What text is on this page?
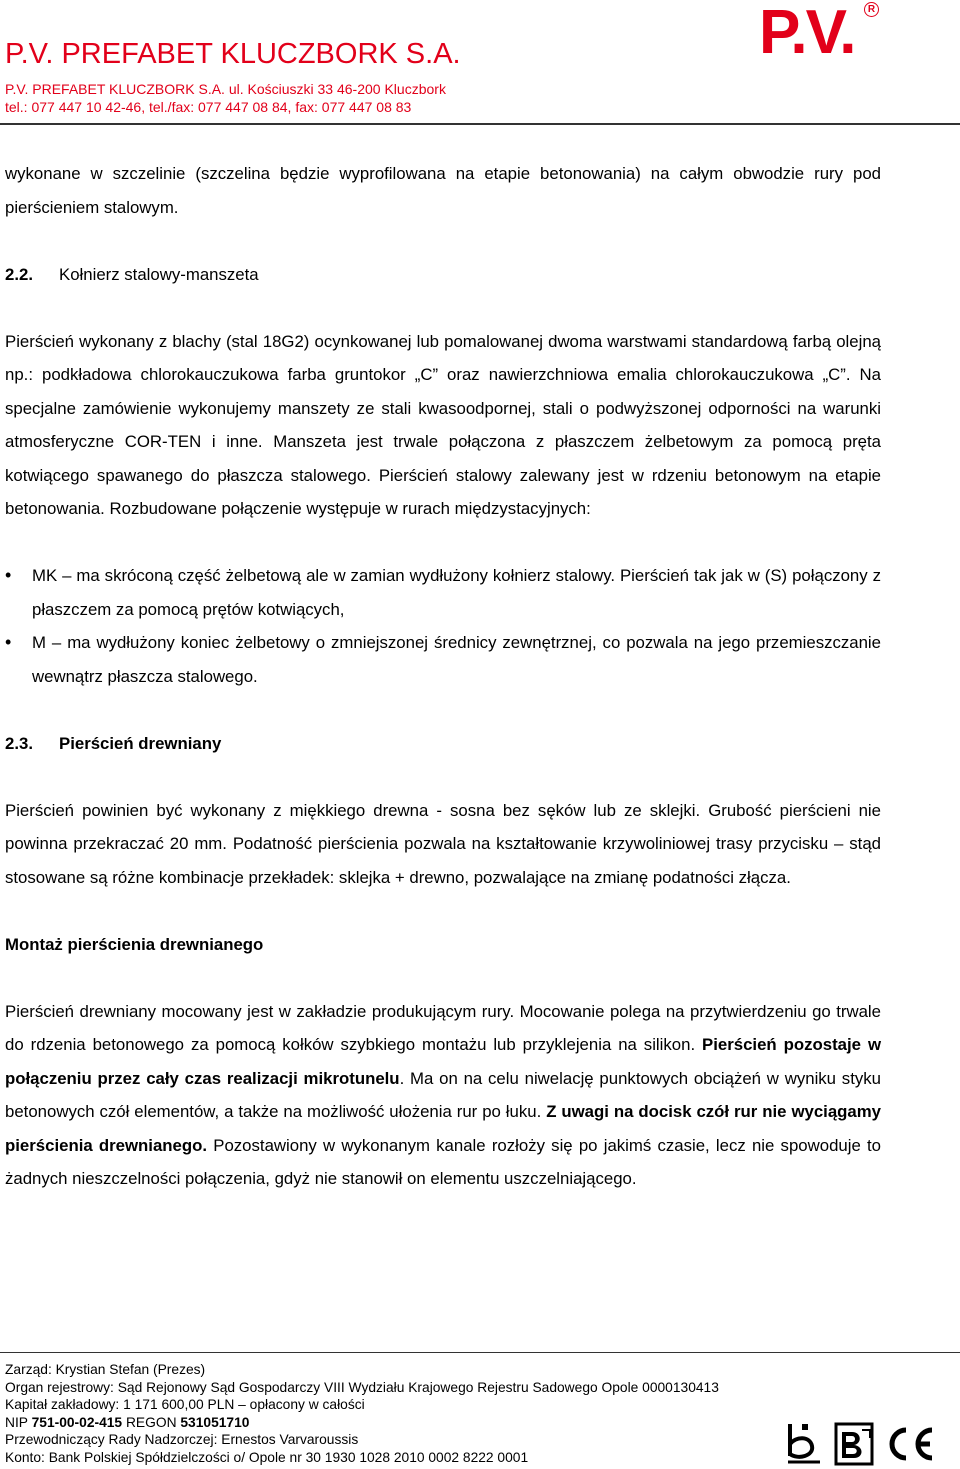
P.V. PREFABET KLUCZBORK S.A.
P.V. PREFABET KLUCZBORK S.A. ul. Kościuszki 33 46-200 Kluczbork
tel.: 077 447 10 42-46, tel./fax: 077 447 08 84, fax: 077 447 08 83
P.V.	R

wykonane w szczelinie (szczelina będzie wyprofilowana na etapie betonowania) na całym obwodzie rury pod pierścieniem stalowym.

2.2. Kołnierz stalowy-manszeta

Pierścień wykonany z blachy (stal 18G2) ocynkowanej lub pomalowanej dwoma warstwami standardową farbą olejną np.: podkładowa chlorokauczukowa farba gruntokor „C” oraz nawierzchniowa emalia chlorokauczukowa „C”. Na specjalne zamówienie wykonujemy manszety ze stali kwasoodpornej, stali o podwyższonej odporności na warunki atmosferyczne COR-TEN i inne. Manszeta jest trwale połączona z płaszczem żelbetowym za pomocą pręta kotwiącego spawanego do płaszcza stalowego. Pierścień stalowy zalewany jest w rdzeniu betonowym na etapie betonowania. Rozbudowane połączenie występuje w rurach międzystacyjnych:

• MK – ma skróconą część żelbetową ale w zamian wydłużony kołnierz stalowy. Pierścień tak jak w (S) połączony z płaszczem za pomocą prętów kotwiących,
• M – ma wydłużony koniec żelbetowy o zmniejszonej średnicy zewnętrznej, co pozwala na jego przemieszczanie wewnątrz płaszcza stalowego.

2.3. Pierścień drewniany

Pierścień powinien być wykonany z miękkiego drewna - sosna bez sęków lub ze sklejki. Grubość pierścieni nie powinna przekraczać 20 mm. Podatność pierścienia pozwala na kształtowanie krzywoliniowej trasy przycisku – stąd stosowane są różne kombinacje przekładek: sklejka + drewno, pozwalające na zmianę podatności złącza.

Montaż pierścienia drewnianego

Pierścień drewniany mocowany jest w zakładzie produkującym rury. Mocowanie polega na przytwierdzeniu go trwale do rdzenia betonowego za pomocą kołków szybkiego montażu lub przyklejenia na silikon. Pierścień pozostaje w połączeniu przez cały czas realizacji mikrotunelu. Ma on na celu niwelację punktowych obciążeń w wyniku styku betonowych czół elementów, a także na możliwość ułożenia rur po łuku. Z uwagi na docisk czół rur nie wyciągamy pierścienia drewnianego. Pozostawiony w wykonanym kanale rozłoży się po jakimś czasie, lecz nie spowoduje to żadnych nieszczelności połączenia, gdyż nie stanowił on elementu uszczelniającego.

Zarząd: Krystian Stefan (Prezes)
Organ rejestrowy: Sąd Rejonowy Sąd Gospodarczy VIII Wydziału Krajowego Rejestru Sadowego Opole 0000130413
Kapitał zakładowy: 1 171 600,00 PLN – opłacony w całości
NIP 751-00-02-415 REGON 531051710
Przewodniczący Rady Nadzorczej: Ernestos Varvaroussis
Konto: Bank Polskiej Spółdzielczości o/ Opole nr 30 1930 1028 2010 0002 8222 0001
